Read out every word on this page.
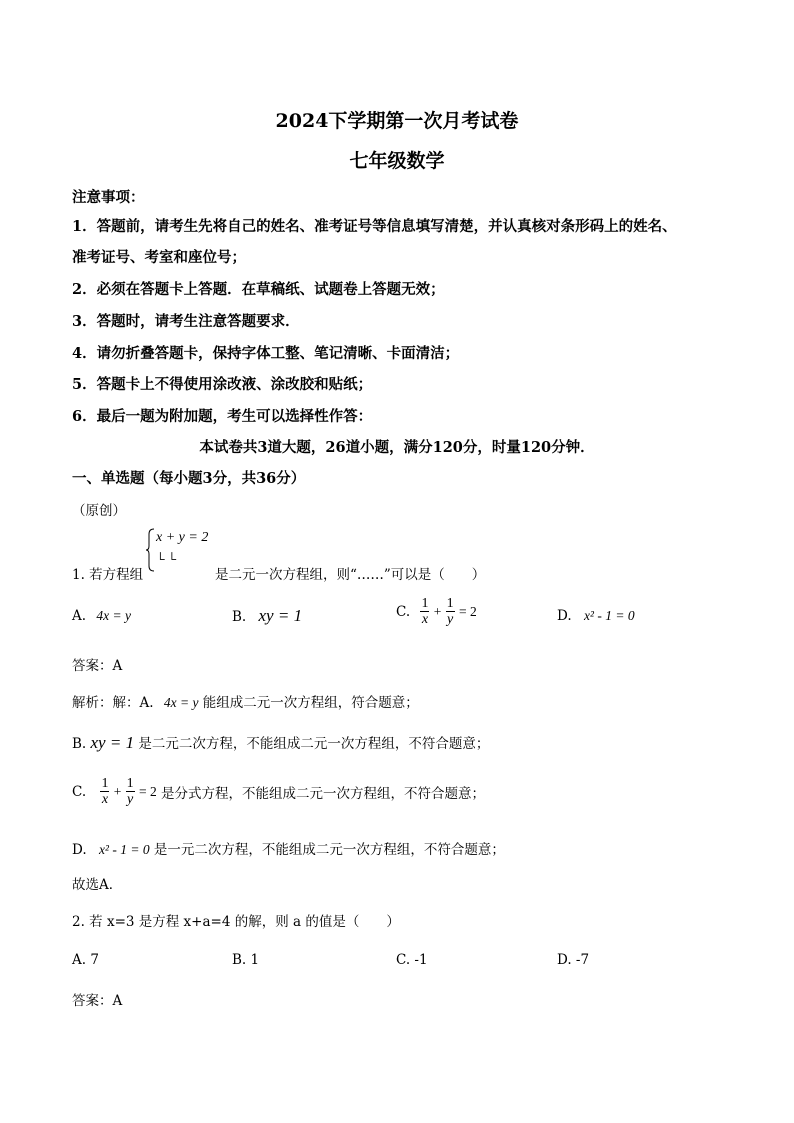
2024下学期第一次月考试卷
七年级数学
注意事项：
1．答题前，请考生先将自己的姓名、准考证号等信息填写清楚，并认真核对条形码上的姓名、
准考证号、考室和座位号；
2．必须在答题卡上答题．在草稿纸、试题卷上答题无效；
3．答题时，请考生注意答题要求．
4．请勿折叠答题卡，保持字体工整、笔记清晰、卡面清洁；
5．答题卡上不得使用涂改液、涂改胶和贴纸；
6．最后一题为附加题，考生可以选择性作答：
本试卷共3道大题，26道小题，满分120分，时量120分钟．
一、单选题（每小题3分，共36分）
（原创）
1. 若方程组
x + y = 2
└ └
是二元一次方程组，则“……”可以是（　　）
A. 4x = y	B. xy = 1	C. $\frac{1}{x} + \frac{1}{y} = 2$	D. x² - 1 = 0
答案：A
解析：解：A. 4x = y 能组成二元一次方程组，符合题意；
B. xy = 1 是二元二次方程，不能组成二元一次方程组，不符合题意；
C. $\frac{1}{x} + \frac{1}{y} = 2$ 是分式方程，不能组成二元一次方程组，不符合题意；
D. x² - 1 = 0 是一元二次方程，不能组成二元一次方程组，不符合题意；
故选A．
2. 若 x=3 是方程 x+a=4 的解，则 a 的值是（　　）
A. 7	B. 1	C. -1	D. -7
答案：A
